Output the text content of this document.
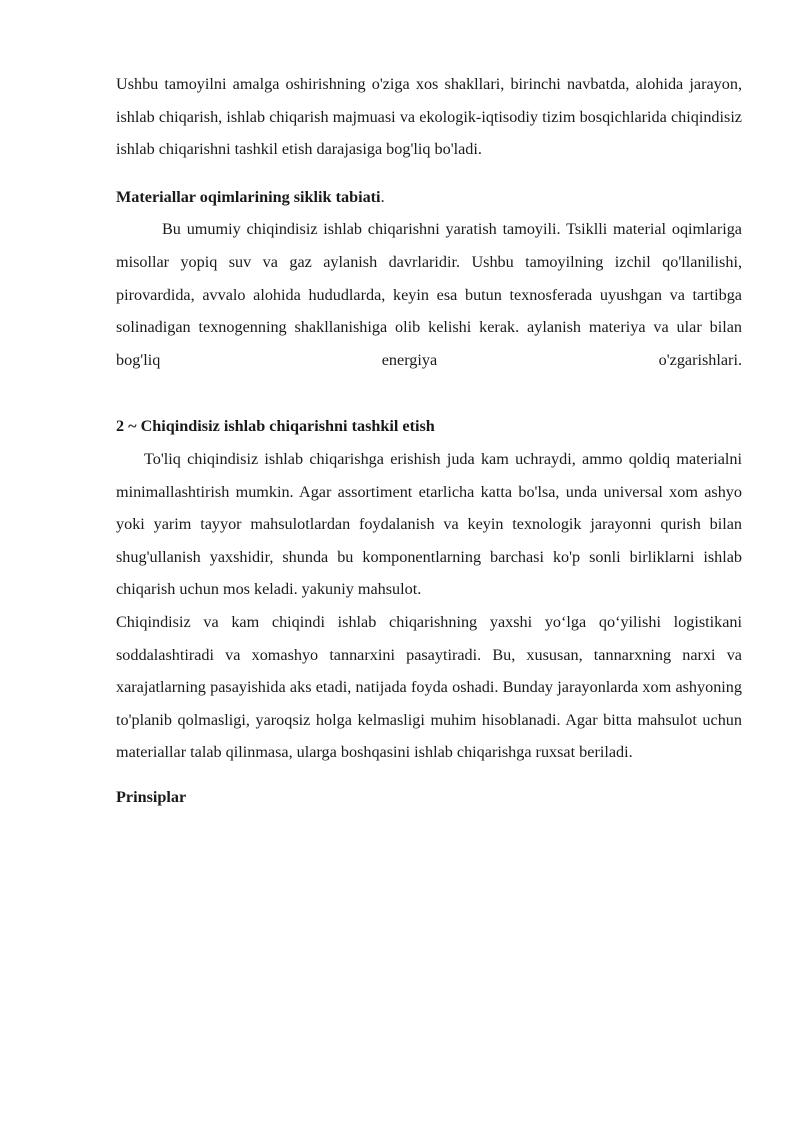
Ushbu tamoyilni amalga oshirishning o'ziga xos shakllari, birinchi navbatda, alohida jarayon, ishlab chiqarish, ishlab chiqarish majmuasi va ekologik-iqtisodiy tizim bosqichlarida chiqindisiz ishlab chiqarishni tashkil etish darajasiga bog'liq bo'ladi.

Materiallar oqimlarining siklik tabiati.

Bu umumiy chiqindisiz ishlab chiqarishni yaratish tamoyili. Tsiklli material oqimlariga misollar yopiq suv va gaz aylanish davrlaridir. Ushbu tamoyilning izchil qo'llanilishi, pirovardida, avvalo alohida hududlarda, keyin esa butun texnosferada uyushgan va tartibga solinadigan texnogenning shakllanishiga olib kelishi kerak. aylanish materiya va ular bilan bog'liq energiya o'zgarishlari.

2 ~ Chiqindisiz ishlab chiqarishni tashkil etish

To'liq chiqindisiz ishlab chiqarishga erishish juda kam uchraydi, ammo qoldiq materialni minimallashtirish mumkin. Agar assortiment etarlicha katta bo'lsa, unda universal xom ashyo yoki yarim tayyor mahsulotlardan foydalanish va keyin texnologik jarayonni qurish bilan shug'ullanish yaxshidir, shunda bu komponentlarning barchasi ko'p sonli birliklarni ishlab chiqarish uchun mos keladi. yakuniy mahsulot.

Chiqindisiz va kam chiqindi ishlab chiqarishning yaxshi yo‘lga qo‘yilishi logistikani soddalashtiradi va xomashyo tannarxini pasaytiradi. Bu, xususan, tannarxning narxi va xarajatlarning pasayishida aks etadi, natijada foyda oshadi. Bunday jarayonlarda xom ashyoning to'planib qolmasligi, yaroqsiz holga kelmasligi muhim hisoblanadi. Agar bitta mahsulot uchun materiallar talab qilinmasa, ularga boshqasini ishlab chiqarishga ruxsat beriladi.

Prinsiplar
